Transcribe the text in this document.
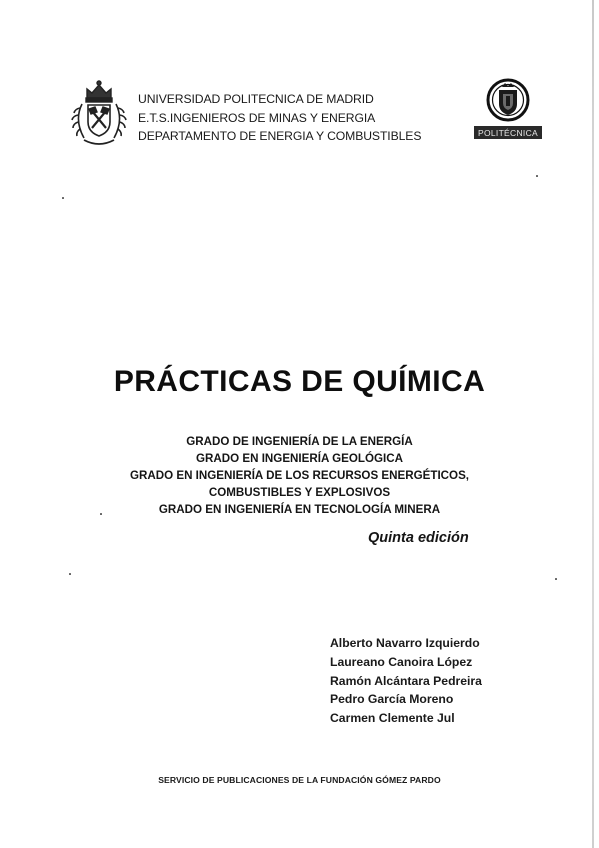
UNIVERSIDAD POLITECNICA DE MADRID
E.T.S.INGENIEROS DE MINAS Y ENERGIA
DEPARTAMENTO DE ENERGIA Y COMBUSTIBLES	POLITÉCNICA
PRÁCTICAS DE QUÍMICA
GRADO DE INGENIERÍA DE LA ENERGÍA
GRADO EN INGENIERÍA GEOLÓGICA
GRADO EN INGENIERÍA DE LOS RECURSOS ENERGÉTICOS,
COMBUSTIBLES Y EXPLOSIVOS
GRADO EN INGENIERÍA EN TECNOLOGÍA MINERA
Quinta edición
Alberto Navarro Izquierdo
Laureano Canoira López
Ramón Alcántara Pedreira
Pedro García Moreno
Carmen Clemente Jul
SERVICIO DE PUBLICACIONES DE LA FUNDACIÓN GÓMEZ PARDO
